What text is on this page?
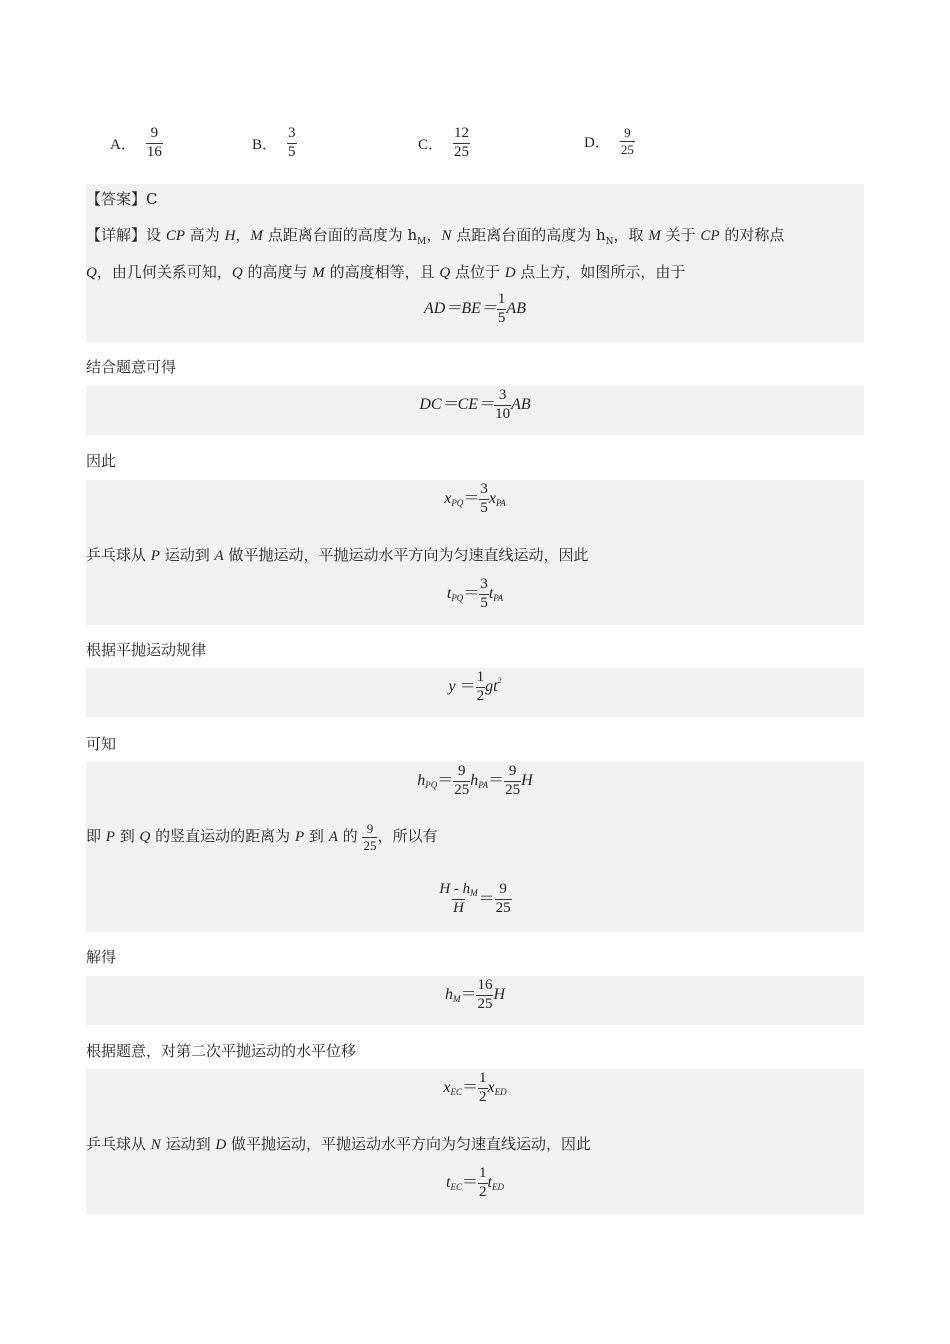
A． $\frac{9}{16}$	B． $\frac{3}{5}$	C． $\frac{12}{25}$	D． $\frac{9}{25}$
【答案】C
【详解】设 CP 高为 H，M 点距离台面的高度为 $h_M$，N 点距离台面的高度为 $h_N$，取 M 关于 CP 的对称点
Q，由几何关系可知，Q 的高度与 M 的高度相等，且 Q 点位于 D 点上方，如图所示，由于
$AD=BE= \frac{1}{5}$ AB
结合题意可得
$DC=CE= \frac{3}{10}$ AB
因此
$x_{PQ}= \frac{3}{5} x_{PA}$
乒乓球从 P 运动到 A 做平抛运动，平抛运动水平方向为匀速直线运动，因此
$t_{PQ}= \frac{3}{5} t_{PA}$
根据平抛运动规律
$y = \frac{1}{2} gt^2$
可知
$h_{PQ}= \frac{9}{25} h_{PA}= \frac{9}{25}$ H
即 P 到 Q 的竖直运动的距离为 P 到 A 的 $\frac{9}{25}$ ，所以有
$\frac{H - h_M}{H} = \frac{9}{25}$
解得
$h_M= \frac{16}{25}$ H
根据题意，对第二次平抛运动的水平位移
$x_{EC}= \frac{1}{2} x_{ED}$
乒乓球从 N 运动到 D 做平抛运动，平抛运动水平方向为匀速直线运动，因此
$t_{EC}= \frac{1}{2} t_{ED}$
